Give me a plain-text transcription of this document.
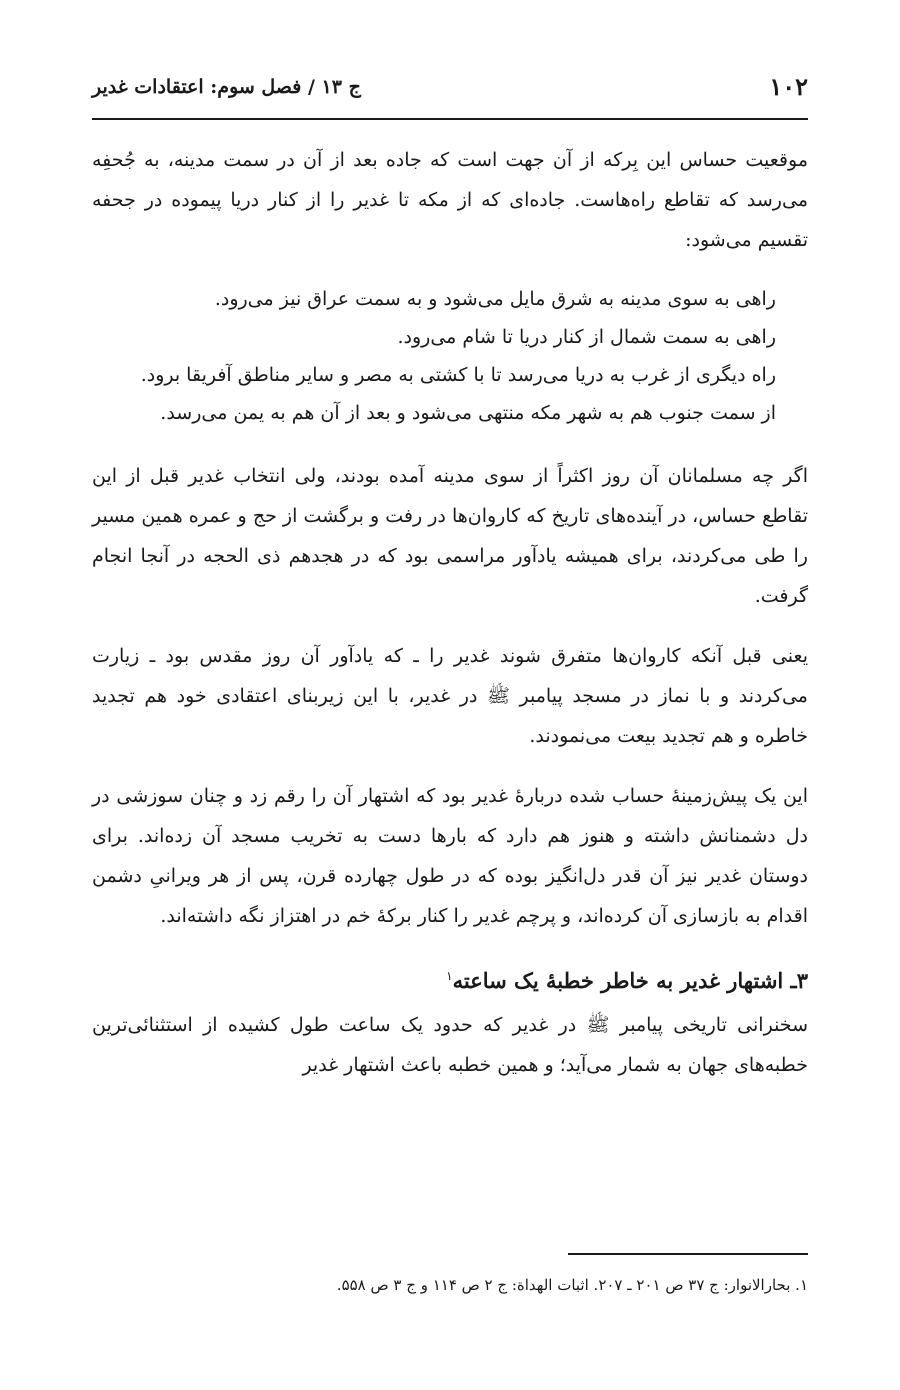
۱۰۲
ج ۱۳ / فصل سوم: اعتقادات غدیر

موقعیت حساس این بِرکه از آن جهت است که جاده بعد از آن در سمت مدینه، به جُحفِه می‌رسد که تقاطع راه‌هاست. جاده‌ای که از مکه تا غدیر را از کنار دریا پیموده در جحفه تقسیم می‌شود:

راهی به سوی مدینه به شرق مایل می‌شود و به سمت عراق نیز می‌رود.
راهی به سمت شمال از کنار دریا تا شام می‌رود.
راه دیگری از غرب به دریا می‌رسد تا با کشتی به مصر و سایر مناطق آفریقا برود.
از سمت جنوب هم به شهر مکه منتهی می‌شود و بعد از آن هم به یمن می‌رسد.

اگر چه مسلمانان آن روز اکثراً از سوی مدینه آمده بودند، ولی انتخاب غدیر قبل از این تقاطع حساس، در آینده‌های تاریخ که کاروان‌ها در رفت و برگشت از حج و عمره همین مسیر را طی می‌کردند، برای همیشه یادآور مراسمی بود که در هجدهم ذی الحجه در آنجا انجام گرفت.

یعنی قبل آنکه کاروان‌ها متفرق شوند غدیر را ـ که یادآور آن روز مقدس بود ـ زیارت می‌کردند و با نماز در مسجد پیامبر ﷺ در غدیر، با این زیربنای اعتقادی خود هم تجدید خاطره و هم تجدید بیعت می‌نمودند.

این یک پیش‌زمینهٔ حساب شده دربارهٔ غدیر بود که اشتهار آن را رقم زد و چنان سوزشی در دل دشمنانش داشته و هنوز هم دارد که بارها دست به تخریب مسجد آن زده‌اند. برای دوستان غدیر نیز آن قدر دل‌انگیز بوده که در طول چهارده قرن، پس از هر ویرانیِ دشمن اقدام به بازسازی آن کرده‌اند، و پرچم غدیر را کنار برکهٔ خم در اهتزاز نگه داشته‌اند.

۳ـ اشتهار غدیر به خاطر خطبهٔ یک ساعته$^۱$

سخنرانی تاریخی پیامبر ﷺ در غدیر که حدود یک ساعت طول کشیده از استثنائی‌ترین خطبه‌های جهان به شمار می‌آید؛ و همین خطبه باعث اشتهار غدیر

۱. بحارالانوار: ج ۳۷ ص ۲۰۱ ـ ۲۰۷. اثبات الهداة: ج ۲ ص ۱۱۴ و ج ۳ ص ۵۵۸.
